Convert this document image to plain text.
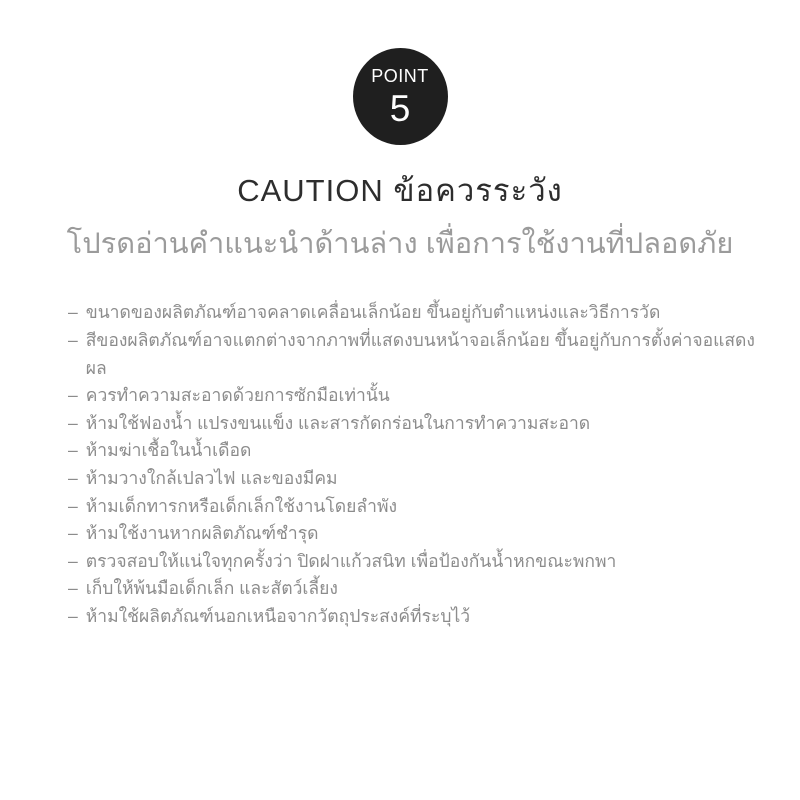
POINT
5
CAUTION ข้อควรระวัง
โปรดอ่านคำแนะนำด้านล่าง เพื่อการใช้งานที่ปลอดภัย
– ขนาดของผลิตภัณฑ์อาจคลาดเคลื่อนเล็กน้อย ขึ้นอยู่กับตำแหน่งและวิธีการวัด
– สีของผลิตภัณฑ์อาจแตกต่างจากภาพที่แสดงบนหน้าจอเล็กน้อย ขึ้นอยู่กับการตั้งค่าจอแสดงผล
– ควรทำความสะอาดด้วยการซักมือเท่านั้น
– ห้ามใช้ฟองน้ำ แปรงขนแข็ง และสารกัดกร่อนในการทำความสะอาด
– ห้ามฆ่าเชื้อในน้ำเดือด
– ห้ามวางใกล้เปลวไฟ และของมีคม
– ห้ามเด็กทารกหรือเด็กเล็กใช้งานโดยลำพัง
– ห้ามใช้งานหากผลิตภัณฑ์ชำรุด
– ตรวจสอบให้แน่ใจทุกครั้งว่า ปิดฝาแก้วสนิท เพื่อป้องกันน้ำหกขณะพกพา
– เก็บให้พ้นมือเด็กเล็ก และสัตว์เลี้ยง
– ห้ามใช้ผลิตภัณฑ์นอกเหนือจากวัตถุประสงค์ที่ระบุไว้
